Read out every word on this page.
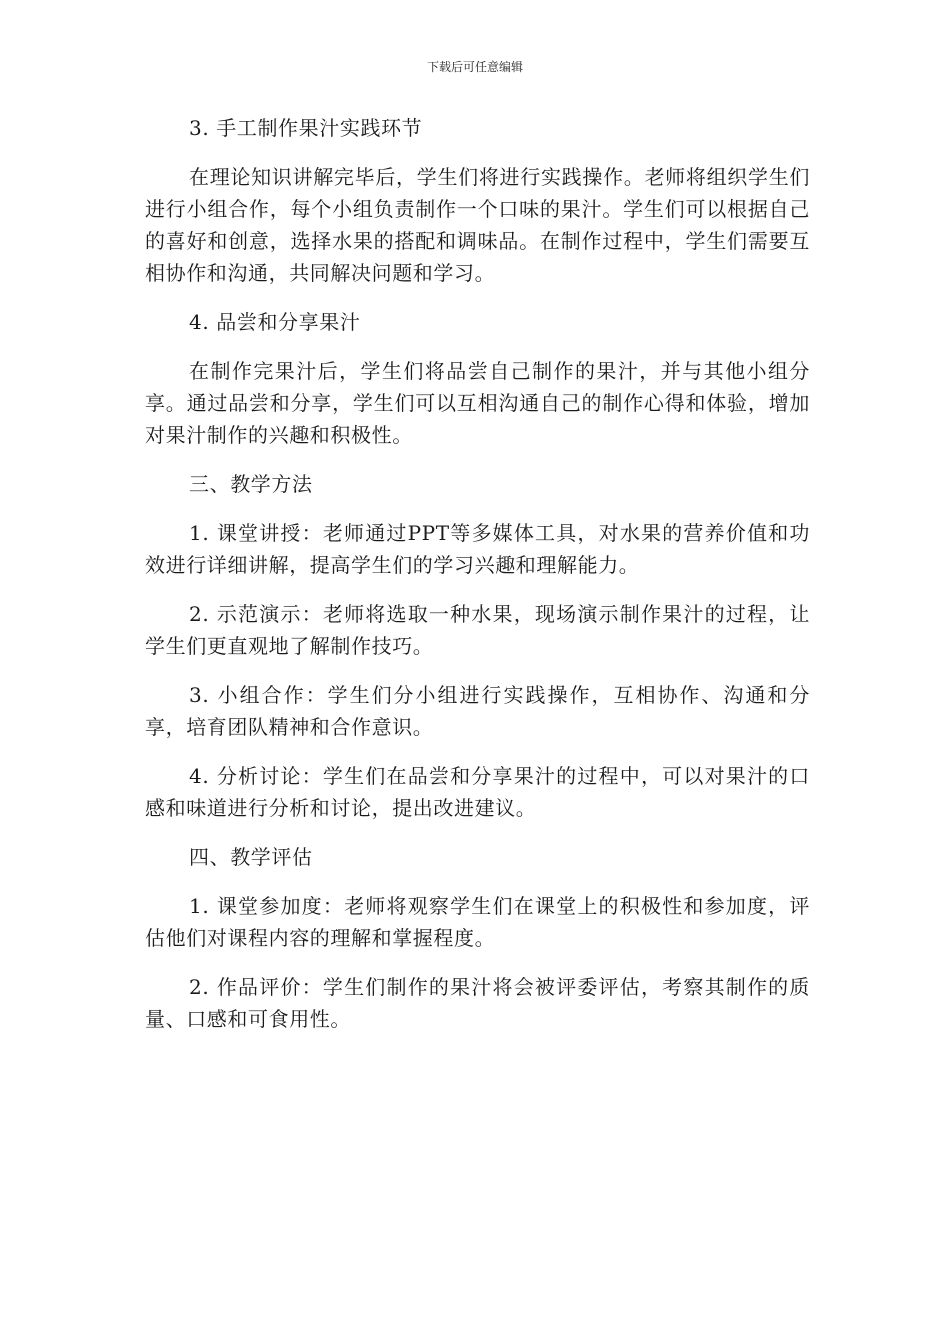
下载后可任意编辑

3. 手工制作果汁实践环节

在理论知识讲解完毕后，学生们将进行实践操作。老师将组织学生们进行小组合作，每个小组负责制作一个口味的果汁。学生们可以根据自己的喜好和创意，选择水果的搭配和调味品。在制作过程中，学生们需要互相协作和沟通，共同解决问题和学习。

4. 品尝和分享果汁

在制作完果汁后，学生们将品尝自己制作的果汁，并与其他小组分享。通过品尝和分享，学生们可以互相沟通自己的制作心得和体验，增加对果汁制作的兴趣和积极性。

三、教学方法

1. 课堂讲授：老师通过PPT等多媒体工具，对水果的营养价值和功效进行详细讲解，提高学生们的学习兴趣和理解能力。

2. 示范演示：老师将选取一种水果，现场演示制作果汁的过程，让学生们更直观地了解制作技巧。

3. 小组合作：学生们分小组进行实践操作，互相协作、沟通和分享，培育团队精神和合作意识。

4. 分析讨论：学生们在品尝和分享果汁的过程中，可以对果汁的口感和味道进行分析和讨论，提出改进建议。

四、教学评估

1. 课堂参加度：老师将观察学生们在课堂上的积极性和参加度，评估他们对课程内容的理解和掌握程度。

2. 作品评价：学生们制作的果汁将会被评委评估，考察其制作的质量、口感和可食用性。
